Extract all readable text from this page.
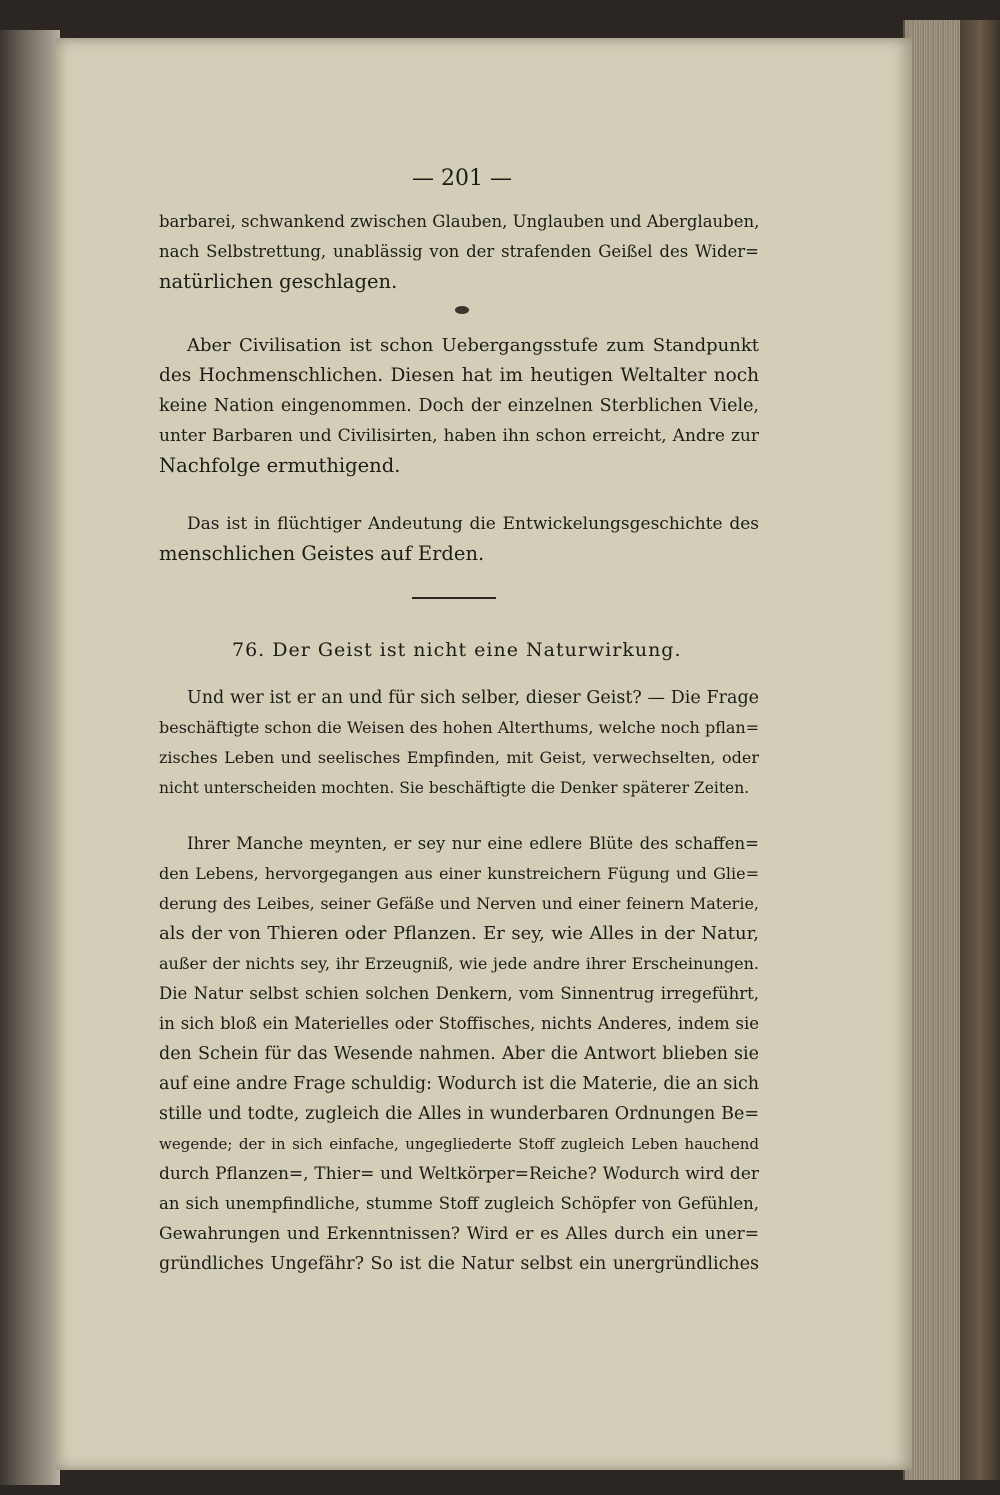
— 201 —
barbarei, schwankend zwischen Glauben, Unglauben und Aberglauben,
nach Selbstrettung, unablässig von der strafenden Geißel des Wider=
natürlichen geschlagen.
Aber Civilisation ist schon Uebergangsstufe zum Standpunkt
des Hochmenschlichen. Diesen hat im heutigen Weltalter noch
keine Nation eingenommen. Doch der einzelnen Sterblichen Viele,
unter Barbaren und Civilisirten, haben ihn schon erreicht, Andre zur
Nachfolge ermuthigend.
Das ist in flüchtiger Andeutung die Entwickelungsgeschichte des
menschlichen Geistes auf Erden.
76. Der Geist ist nicht eine Naturwirkung.
Und wer ist er an und für sich selber, dieser Geist? — Die Frage
beschäftigte schon die Weisen des hohen Alterthums, welche noch pflan=
zisches Leben und seelisches Empfinden, mit Geist, verwechselten, oder
nicht unterscheiden mochten. Sie beschäftigte die Denker späterer Zeiten.
Ihrer Manche meynten, er sey nur eine edlere Blüte des schaffen=
den Lebens, hervorgegangen aus einer kunstreichern Fügung und Glie=
derung des Leibes, seiner Gefäße und Nerven und einer feinern Materie,
als der von Thieren oder Pflanzen. Er sey, wie Alles in der Natur,
außer der nichts sey, ihr Erzeugniß, wie jede andre ihrer Erscheinungen.
Die Natur selbst schien solchen Denkern, vom Sinnentrug irregeführt,
in sich bloß ein Materielles oder Stoffisches, nichts Anderes, indem sie
den Schein für das Wesende nahmen. Aber die Antwort blieben sie
auf eine andre Frage schuldig: Wodurch ist die Materie, die an sich
stille und todte, zugleich die Alles in wunderbaren Ordnungen Be=
wegende; der in sich einfache, ungegliederte Stoff zugleich Leben hauchend
durch Pflanzen=, Thier= und Weltkörper=Reiche? Wodurch wird der
an sich unempfindliche, stumme Stoff zugleich Schöpfer von Gefühlen,
Gewahrungen und Erkenntnissen? Wird er es Alles durch ein uner=
gründliches Ungefähr? So ist die Natur selbst ein unergründliches
